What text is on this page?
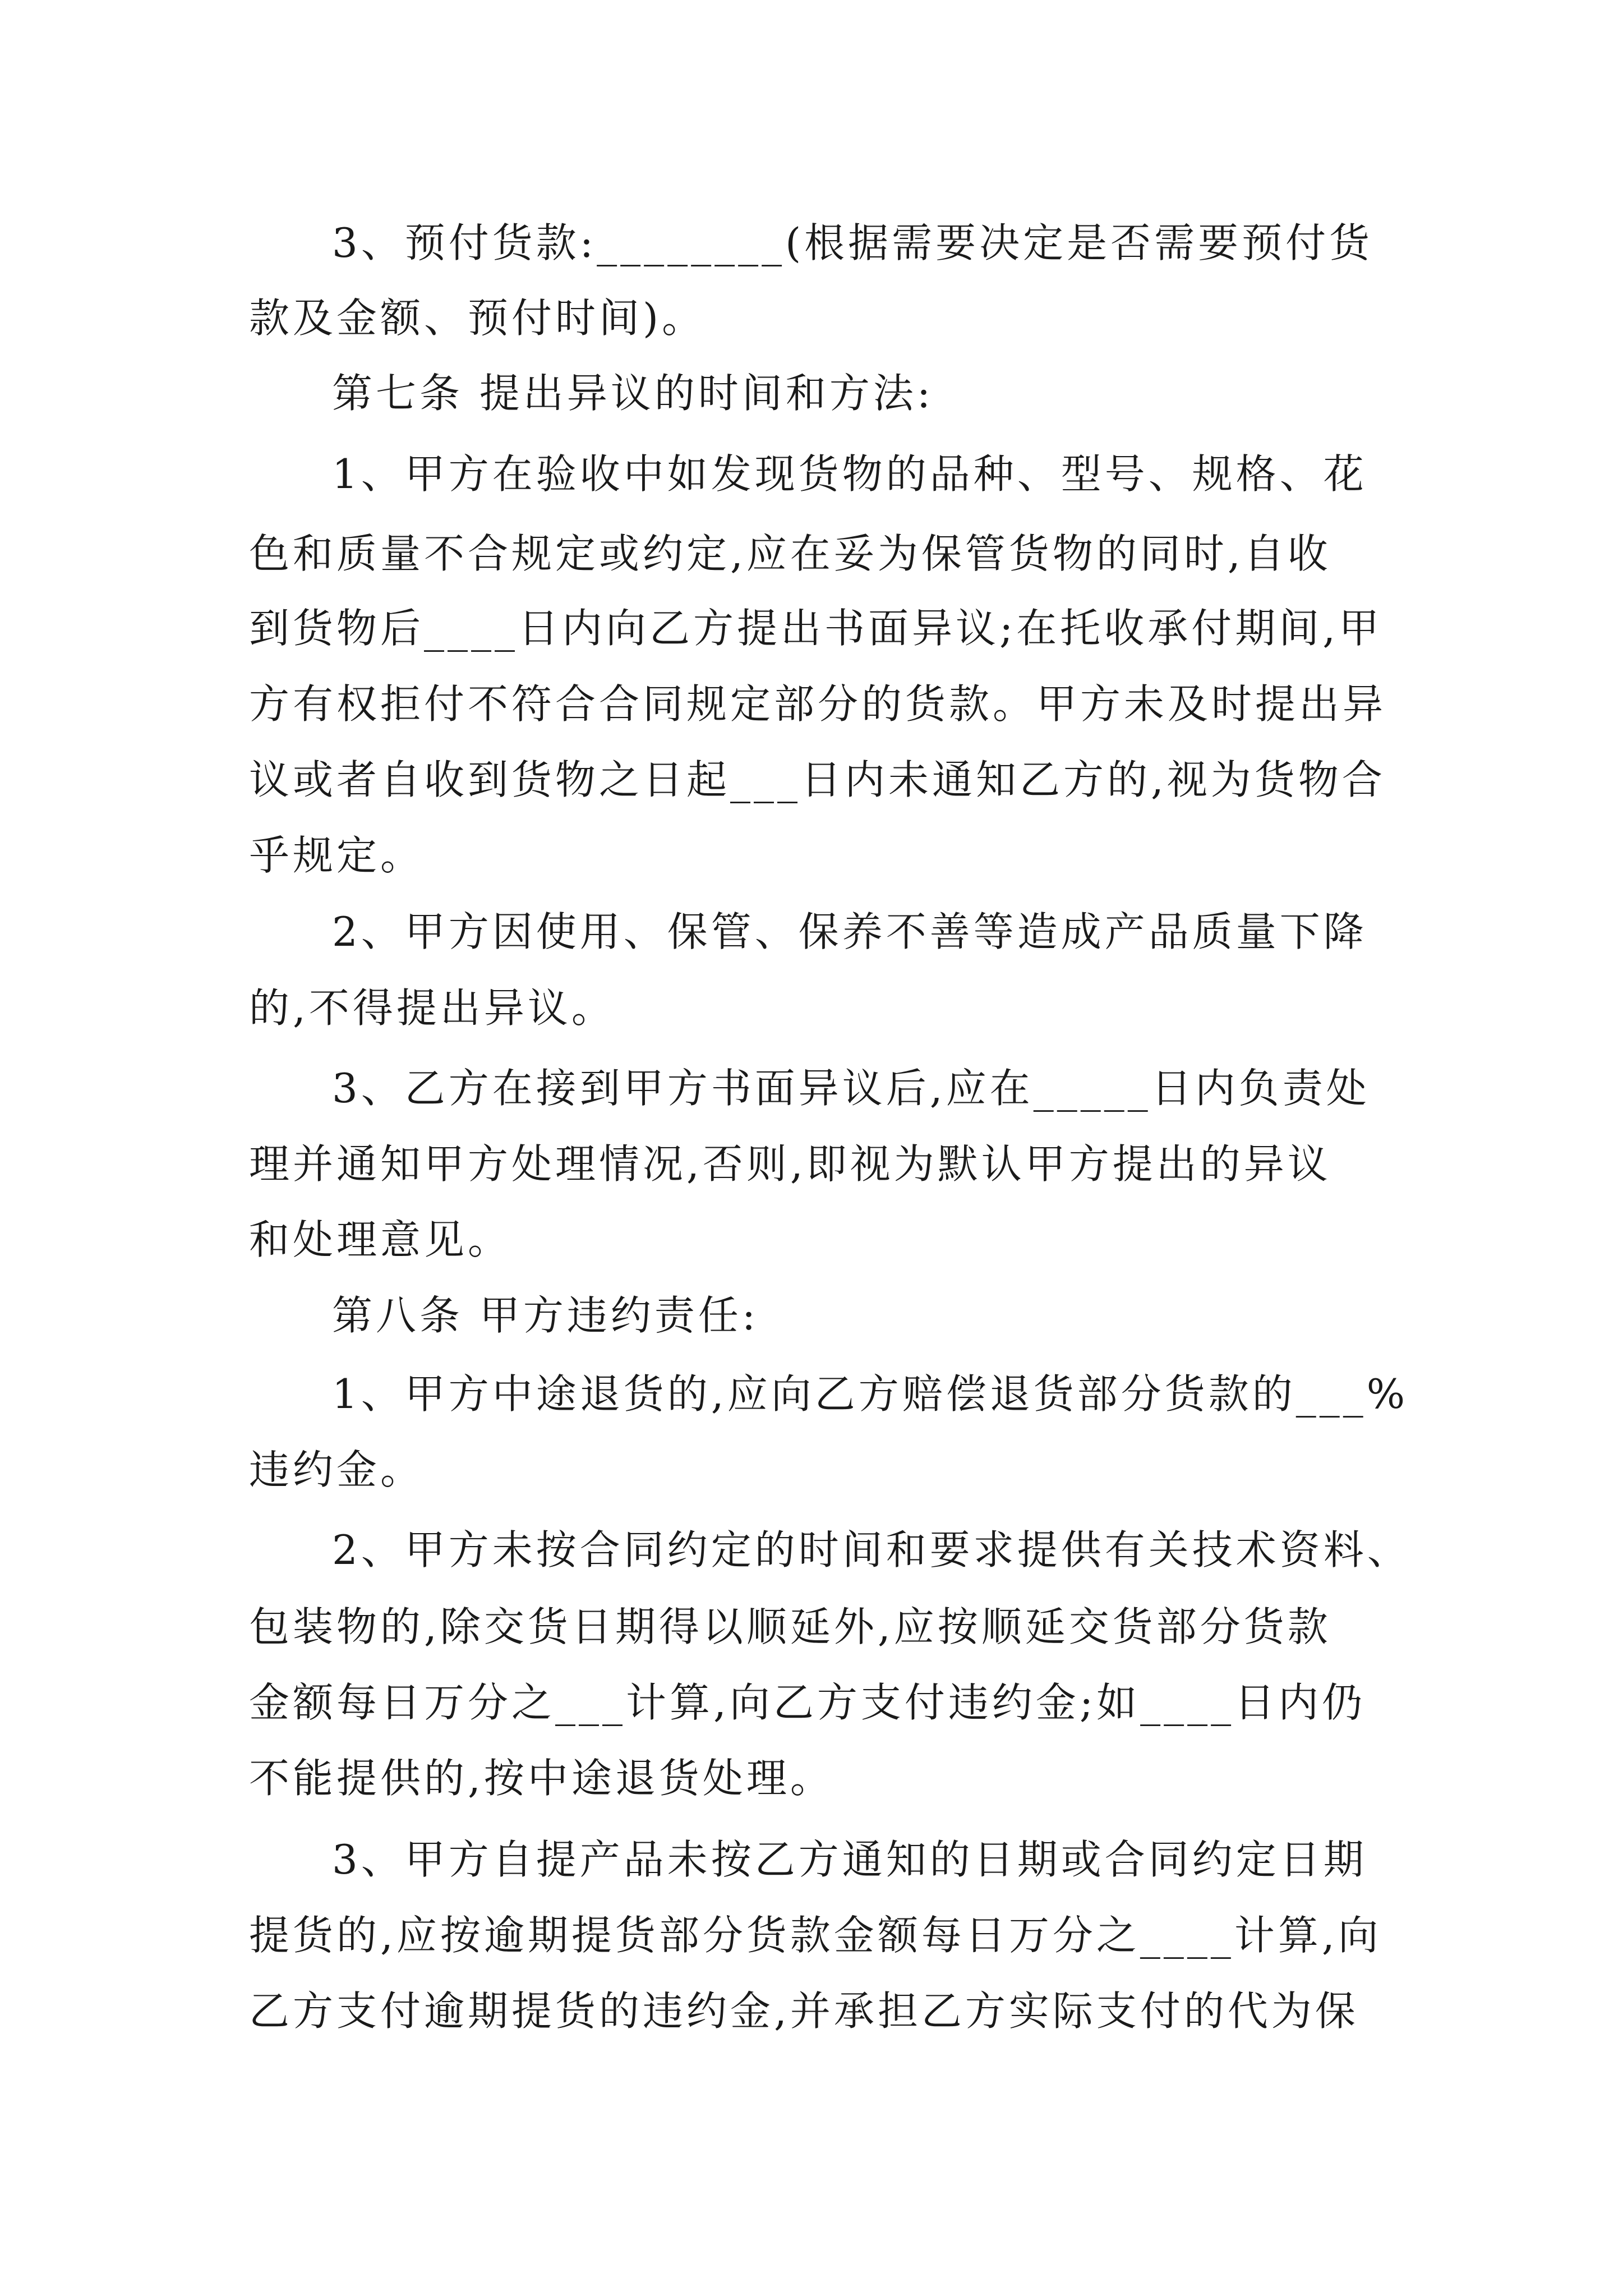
3、预付货款:________(根据需要决定是否需要预付货
款及金额、预付时间)。
第七条 提出异议的时间和方法:
1、甲方在验收中如发现货物的品种、型号、规格、花
色和质量不合规定或约定,应在妥为保管货物的同时,自收
到货物后____日内向乙方提出书面异议;在托收承付期间,甲
方有权拒付不符合合同规定部分的货款。甲方未及时提出异
议或者自收到货物之日起___日内未通知乙方的,视为货物合
乎规定。
2、甲方因使用、保管、保养不善等造成产品质量下降
的,不得提出异议。
3、乙方在接到甲方书面异议后,应在_____日内负责处
理并通知甲方处理情况,否则,即视为默认甲方提出的异议
和处理意见。
第八条 甲方违约责任:
1、甲方中途退货的,应向乙方赔偿退货部分货款的___%
违约金。
2、甲方未按合同约定的时间和要求提供有关技术资料、
包装物的,除交货日期得以顺延外,应按顺延交货部分货款
金额每日万分之___计算,向乙方支付违约金;如____日内仍
不能提供的,按中途退货处理。
3、甲方自提产品未按乙方通知的日期或合同约定日期
提货的,应按逾期提货部分货款金额每日万分之____计算,向
乙方支付逾期提货的违约金,并承担乙方实际支付的代为保
